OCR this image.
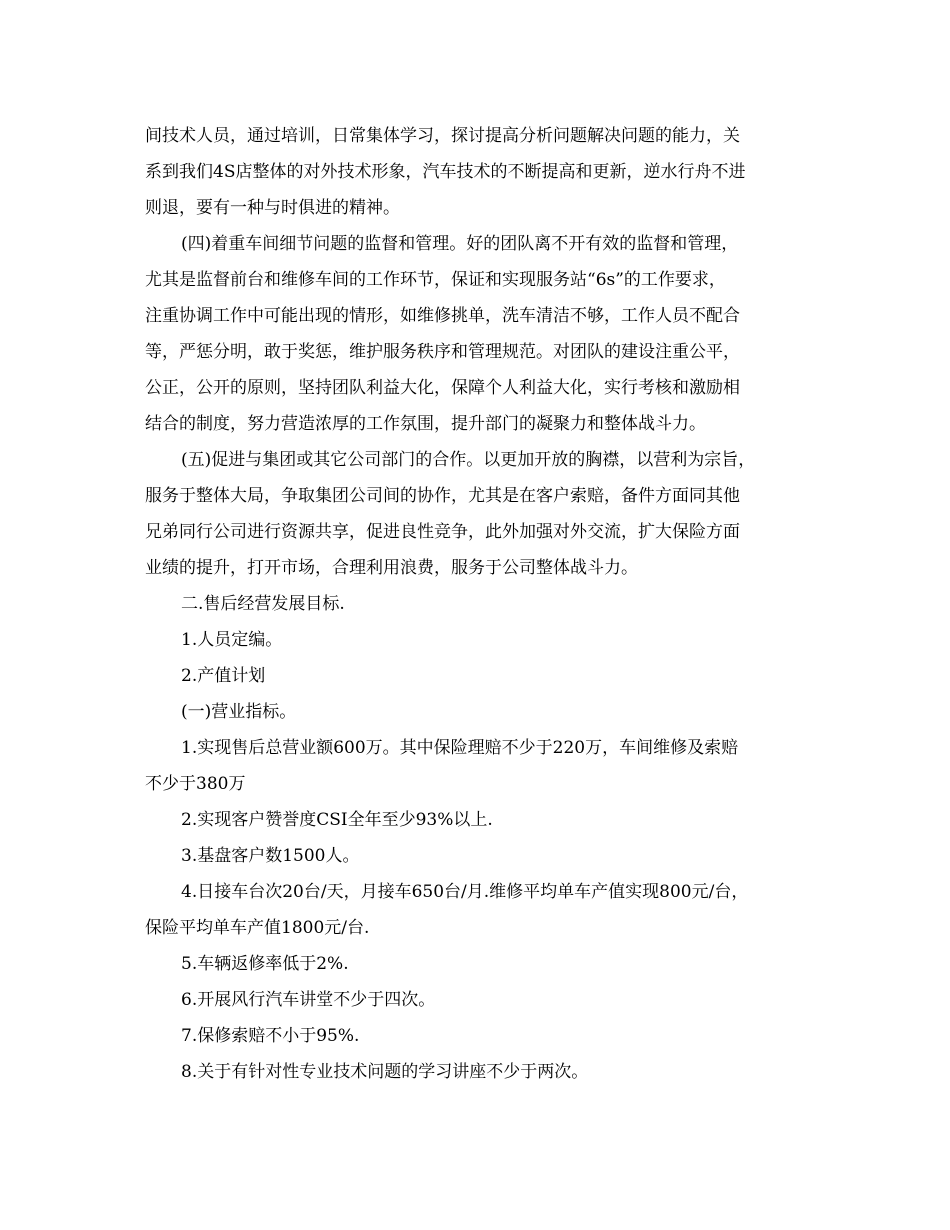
间技术人员，通过培训，日常集体学习，探讨提高分析问题解决问题的能力，关
系到我们4S店整体的对外技术形象，汽车技术的不断提高和更新，逆水行舟不进
则退，要有一种与时俱进的精神。
(四)着重车间细节问题的监督和管理。好的团队离不开有效的监督和管理，
尤其是监督前台和维修车间的工作环节，保证和实现服务站“6s”的工作要求，
注重协调工作中可能出现的情形，如维修挑单，洗车清洁不够，工作人员不配合
等，严惩分明，敢于奖惩，维护服务秩序和管理规范。对团队的建设注重公平，
公正，公开的原则，坚持团队利益大化，保障个人利益大化，实行考核和激励相
结合的制度，努力营造浓厚的工作氛围，提升部门的凝聚力和整体战斗力。
(五)促进与集团或其它公司部门的合作。以更加开放的胸襟，以营利为宗旨，
服务于整体大局，争取集团公司间的协作，尤其是在客户索赔，备件方面同其他
兄弟同行公司进行资源共享，促进良性竞争，此外加强对外交流，扩大保险方面
业绩的提升，打开市场，合理利用浪费，服务于公司整体战斗力。
二.售后经营发展目标.
1.人员定编。
2.产值计划
(一)营业指标。
1.实现售后总营业额600万。其中保险理赔不少于220万，车间维修及索赔
不少于380万
2.实现客户赞誉度CSI全年至少93%以上.
3.基盘客户数1500人。
4.日接车台次20台/天，月接车650台/月.维修平均单车产值实现800元/台，
保险平均单车产值1800元/台.
5.车辆返修率低于2%.
6.开展风行汽车讲堂不少于四次。
7.保修索赔不小于95%.
8.关于有针对性专业技术问题的学习讲座不少于两次。
